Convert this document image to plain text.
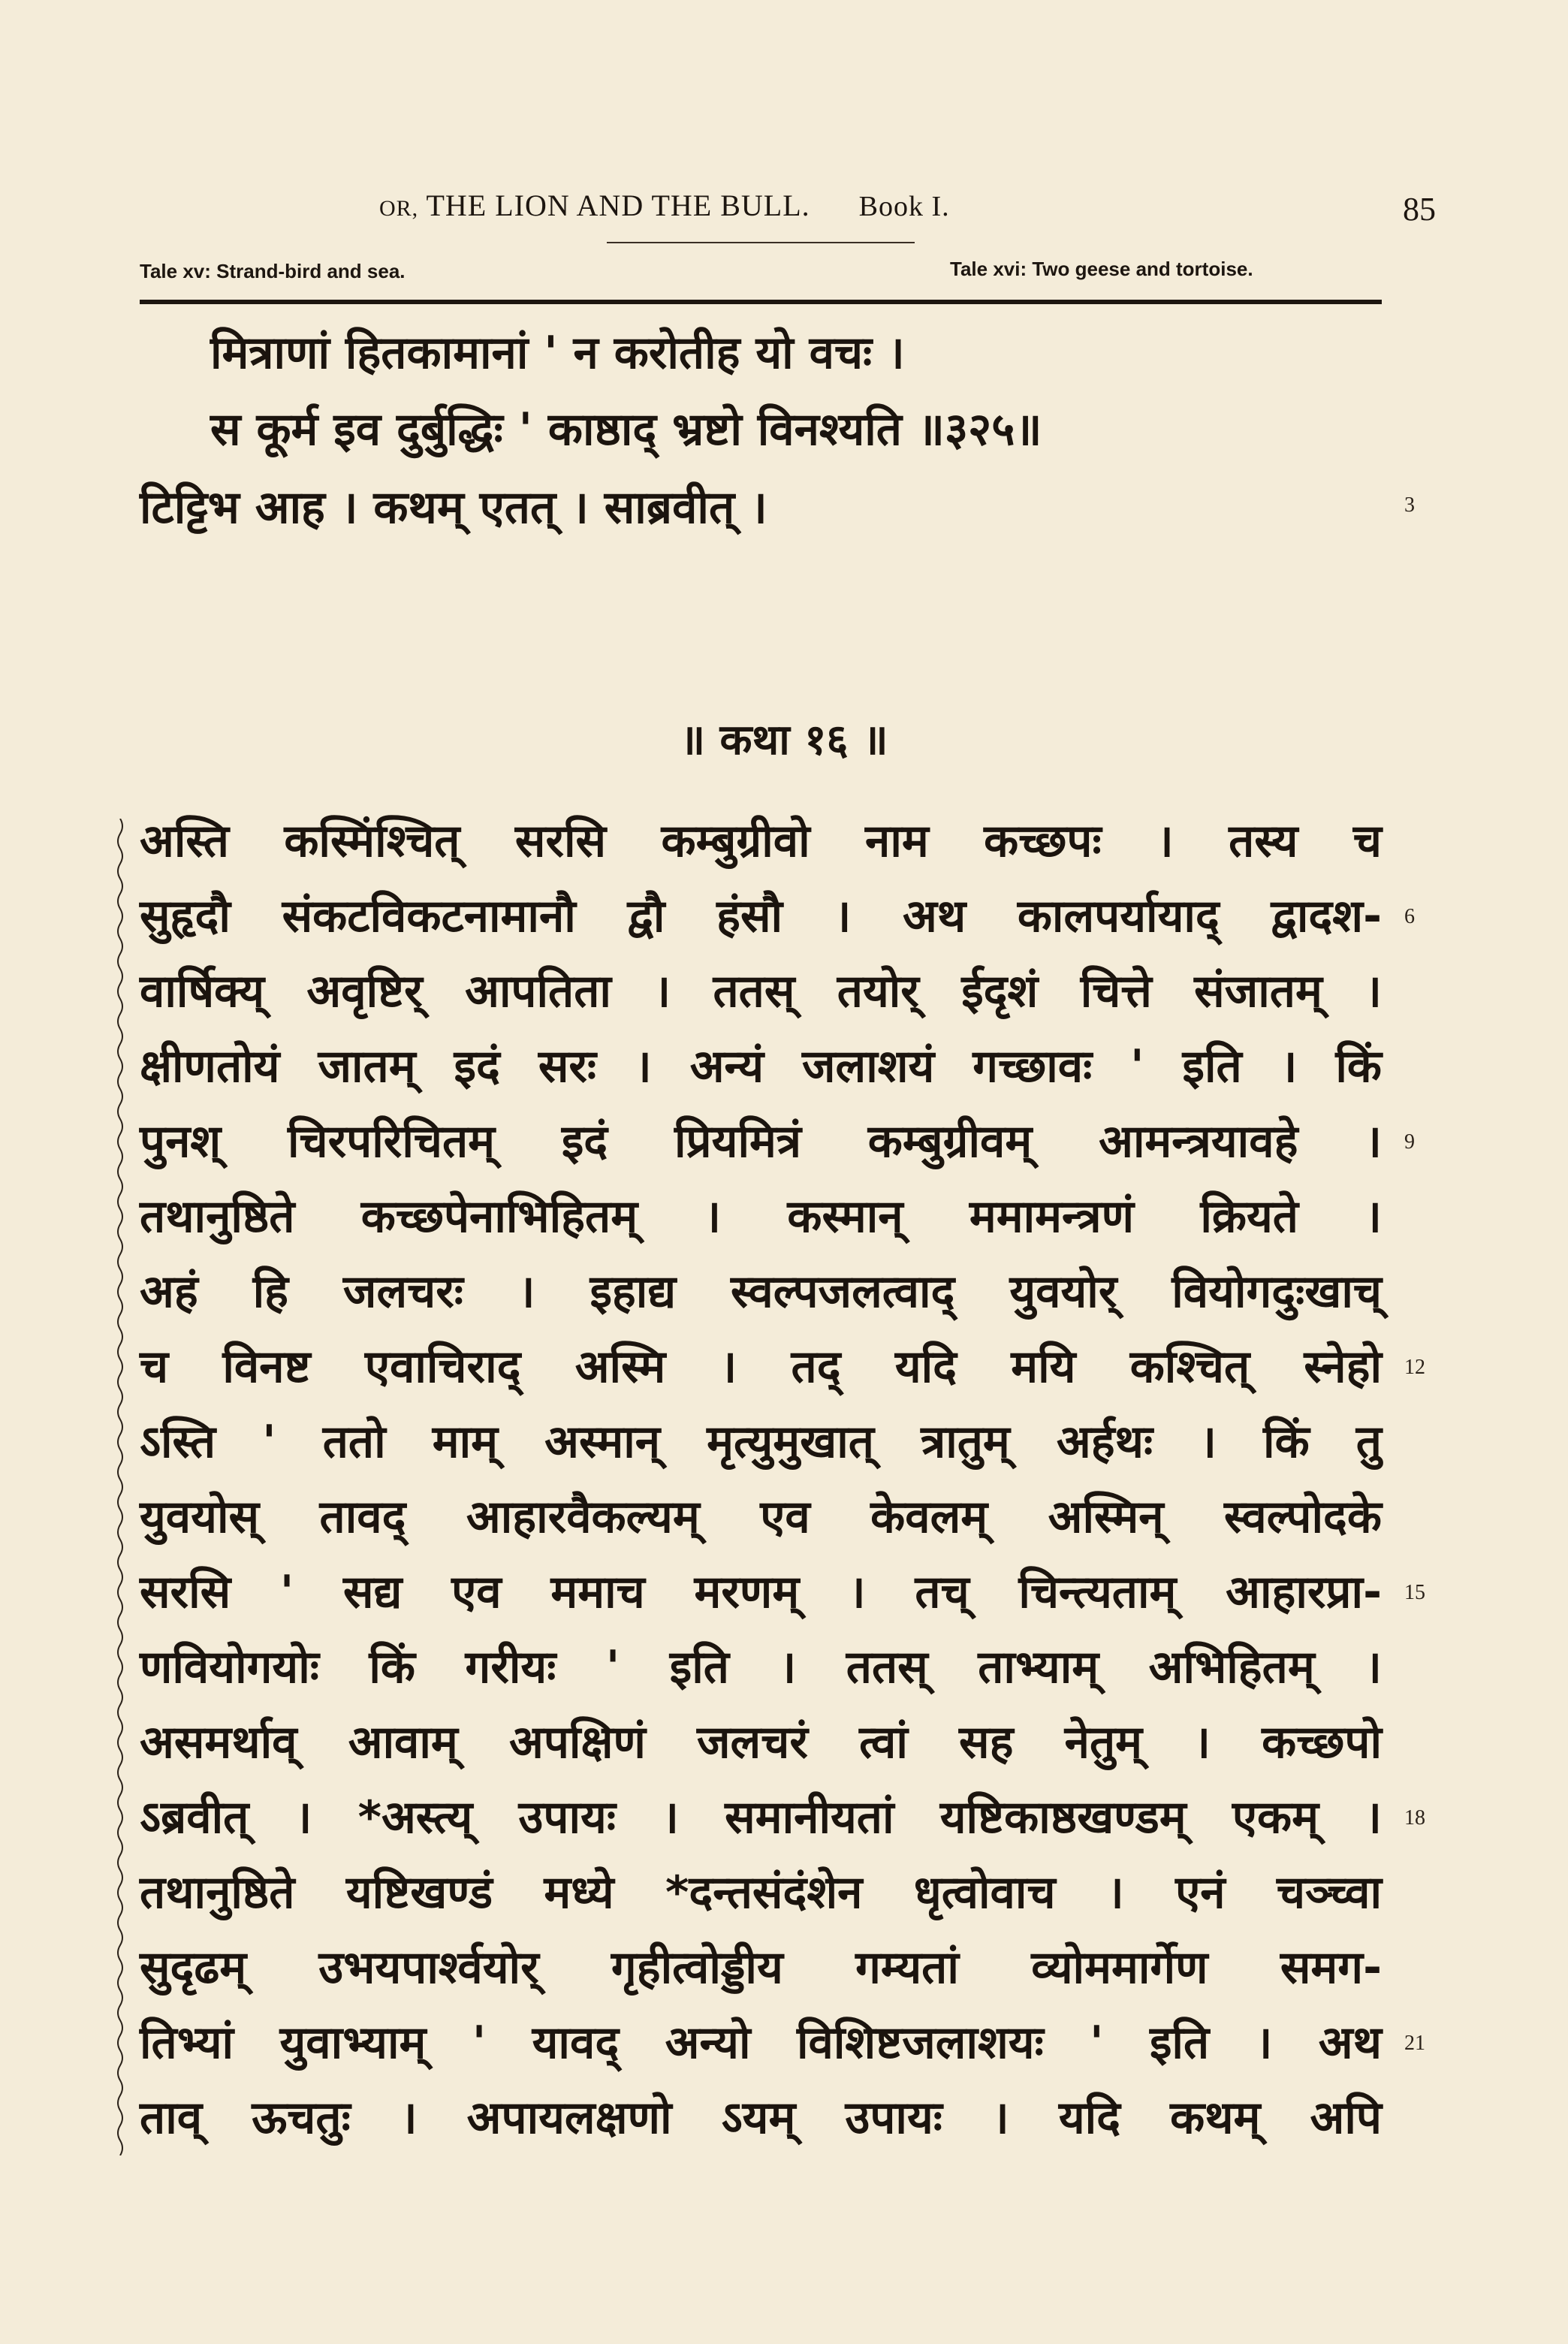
OR, THE LION AND THE BULL. Book I.	85
Tale xv: Strand-bird and sea.	Tale xvi: Two geese and tortoise.
मित्राणां हितकामानां ' न करोतीह यो वचः ।
स कूर्म इव दुर्बुद्धिः ' काष्ठाद् भ्रष्टो विनश्यति ॥३२५॥
टिट्टिभ आह । कथम् एतत् । साब्रवीत् ।	3
॥ कथा १६ ॥
अस्ति कस्मिंश्चित् सरसि कम्बुग्रीवो नाम कच्छपः । तस्य च
सुहृदौ संकटविकटनामानौ द्वौ हंसौ । अथ कालपर्यायाद् द्वादश- 6
वार्षिक्य् अवृष्टिर् आपतिता । ततस् तयोर् ईदृशं चित्ते संजातम् ।
क्षीणतोयं जातम् इदं सरः । अन्यं जलाशयं गच्छावः ' इति । किं
पुनश् चिरपरिचितम् इदं प्रियमित्रं कम्बुग्रीवम् आमन्त्रयावहे । 9
तथानुष्ठिते कच्छपेनाभिहितम् । कस्मान् ममामन्त्रणं क्रियते ।
अहं हि जलचरः । इहाद्य स्वल्पजलत्वाद् युवयोर् वियोगदुःखाच्
च विनष्ट एवाचिराद् अस्मि । तद् यदि मयि कश्चित् स्नेहो 12
ऽस्ति ' ततो माम् अस्मान् मृत्युमुखात् त्रातुम् अर्हथः । किं तु
युवयोस् तावद् आहारवैकल्यम् एव केवलम् अस्मिन् स्वल्पोदके
सरसि ' सद्य एव ममाच मरणम् । तच् चिन्त्यताम् आहारप्रा- 15
णवियोगयोः किं गरीयः ' इति । ततस् ताभ्याम् अभिहितम् ।
असमर्थाव् आवाम् अपक्षिणं जलचरं त्वां सह नेतुम् । कच्छपो
ऽब्रवीत् । *अस्त्य् उपायः । समानीयतां यष्टिकाष्ठखण्डम् एकम् । 18
तथानुष्ठिते यष्टिखण्डं मध्ये *दन्तसंदंशेन धृत्वोवाच । एनं चञ्च्वा
सुदृढम् उभयपार्श्वयोर् गृहीत्वोड्डीय गम्यतां व्योममार्गेण समग-
तिभ्यां युवाभ्याम् ' यावद् अन्यो विशिष्टजलाशयः ' इति । अथ 21
ताव् ऊचतुः । अपायलक्षणो ऽयम् उपायः । यदि कथम् अपि
